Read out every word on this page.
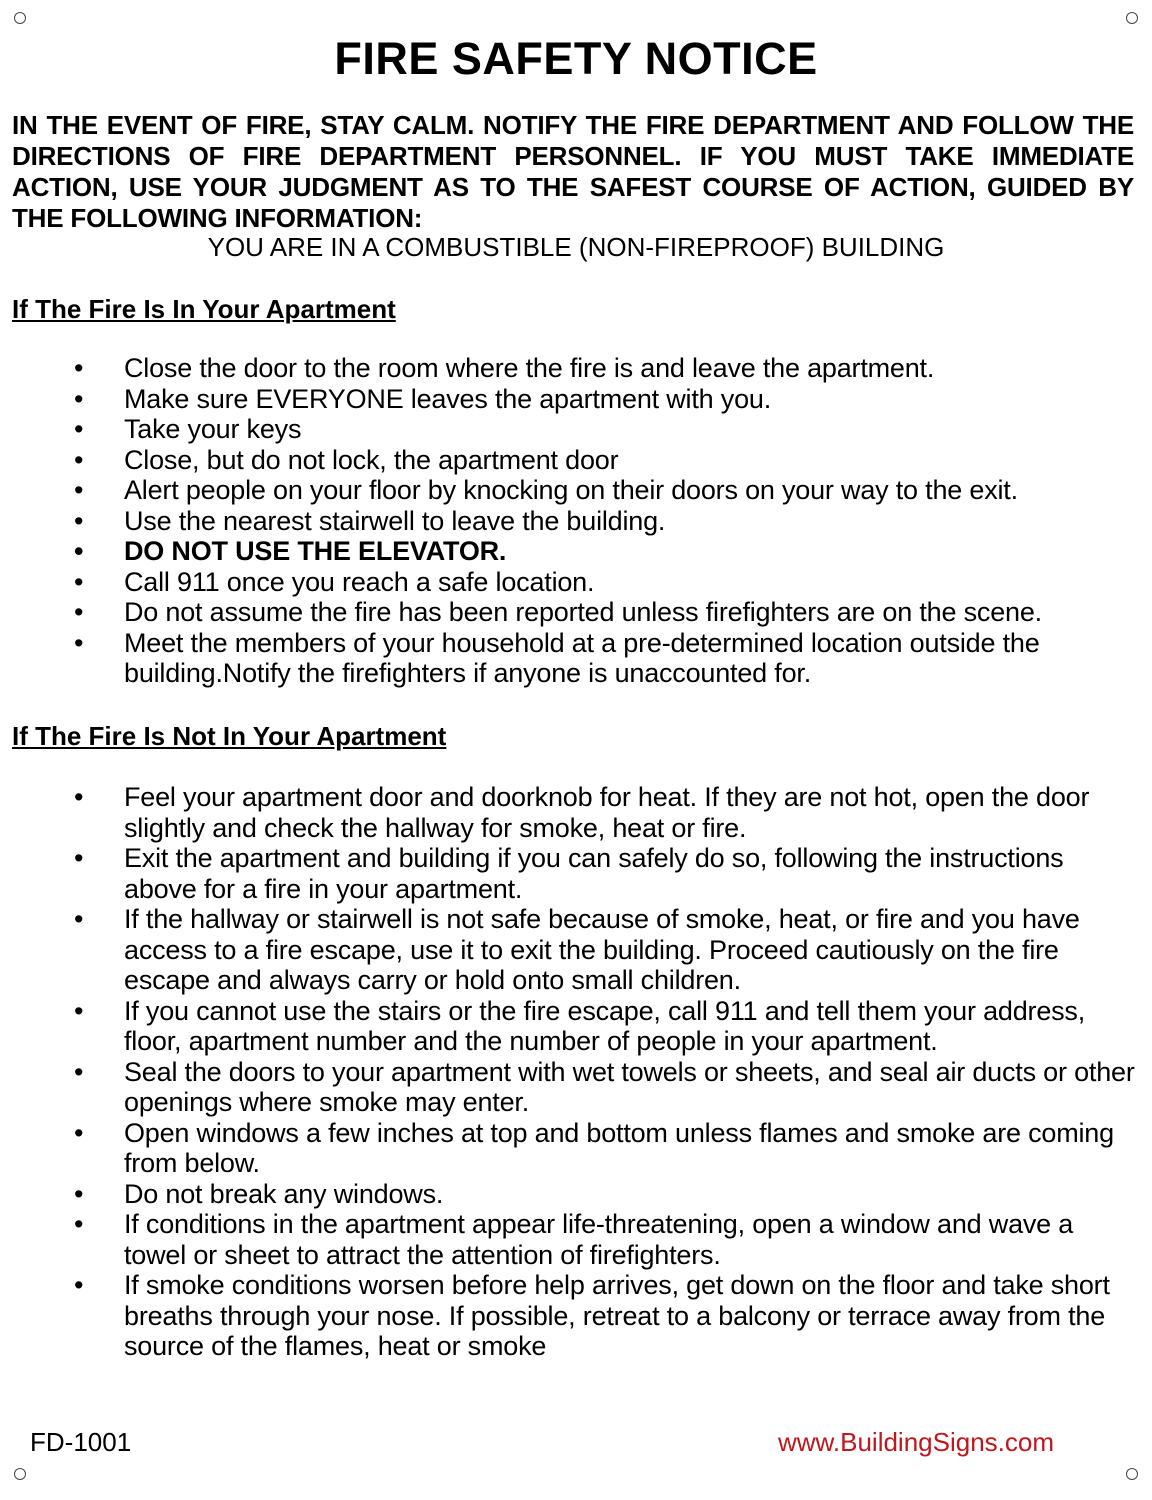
FIRE SAFETY NOTICE
IN THE EVENT OF FIRE, STAY CALM. NOTIFY THE FIRE DEPARTMENT AND FOLLOW THE DIRECTIONS OF FIRE DEPARTMENT PERSONNEL. IF YOU MUST TAKE IMMEDIATE ACTION, USE YOUR JUDGMENT AS TO THE SAFEST COURSE OF ACTION, GUIDED BY THE FOLLOWING INFORMATION:
YOU ARE IN A COMBUSTIBLE (NON-FIREPROOF) BUILDING
If The Fire Is In Your Apartment
• Close the door to the room where the fire is and leave the apartment.
• Make sure EVERYONE leaves the apartment with you.
• Take your keys
• Close, but do not lock, the apartment door
• Alert people on your floor by knocking on their doors on your way to the exit.
• Use the nearest stairwell to leave the building.
• DO NOT USE THE ELEVATOR.
• Call 911 once you reach a safe location.
• Do not assume the fire has been reported unless firefighters are on the scene.
• Meet the members of your household at a pre-determined location outside the building.Notify the firefighters if anyone is unaccounted for.
If The Fire Is Not In Your Apartment
• Feel your apartment door and doorknob for heat. If they are not hot, open the door slightly and check the hallway for smoke, heat or fire.
• Exit the apartment and building if you can safely do so, following the instructions above for a fire in your apartment.
• If the hallway or stairwell is not safe because of smoke, heat, or fire and you have access to a fire escape, use it to exit the building. Proceed cautiously on the fire escape and always carry or hold onto small children.
• If you cannot use the stairs or the fire escape, call 911 and tell them your address, floor, apartment number and the number of people in your apartment.
• Seal the doors to your apartment with wet towels or sheets, and seal air ducts or other openings where smoke may enter.
• Open windows a few inches at top and bottom unless flames and smoke are coming from below.
• Do not break any windows.
• If conditions in the apartment appear life-threatening, open a window and wave a towel or sheet to attract the attention of firefighters.
• If smoke conditions worsen before help arrives, get down on the floor and take short breaths through your nose. If possible, retreat to a balcony or terrace away from the source of the flames, heat or smoke
FD-1001	www.BuildingSigns.com
